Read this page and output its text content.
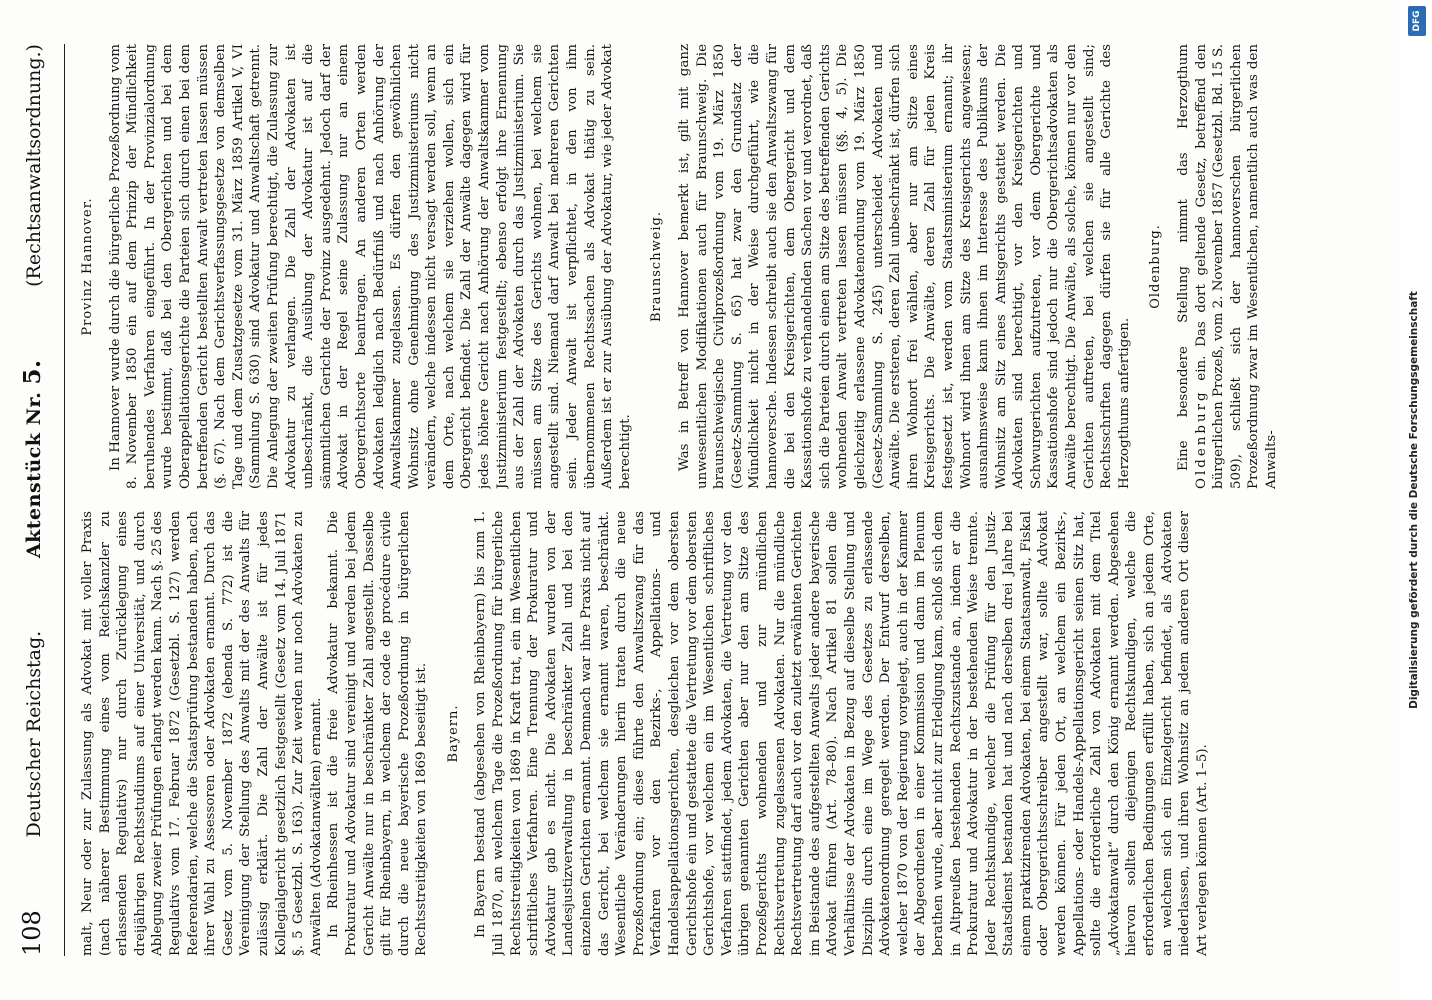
108
Deutscher Reichstag.
Aktenstück Nr. 5.
(Rechtsanwaltsordnung.)

malt, Neur oder zur Zulassung als Advokat mit voller Praxis (nach näherer Bestimmung eines vom Reichskanzler zu erlassenden Regulativs) nur durch Zurücklegung eines dreijährigen Rechtsstudiums auf einer Universität, und durch Ablegung zweier Prüfungen erlangt werden kann. Nach §. 25 des Regulativs vom 17. Februar 1872 (Gesetzbl. S. 127) werden Referendarien, welche die Staatsprüfung bestanden haben, nach ihrer Wahl zu Assessoren oder Advokaten ernannt. Durch das Gesetz vom 5. November 1872 (ebenda S. 772) ist die Vereinigung der Stellung des Anwalts mit der des Anwalts für zulässig erklärt. Die Zahl der Anwälte ist für jedes Kollegialgericht gesetzlich festgestellt (Gesetz vom 14. Juli 1871 §. 5 Gesetzbl. S. 163). Zur Zeit werden nur noch Advokaten zu Anwälten (Advokatanwälten) ernannt. In Rheinhessen ist die freie Advokatur bekannt. Die Prokuratur und Advokatur sind vereinigt und werden bei jedem Gericht Anwälte nur in beschränkter Zahl angestellt. Dasselbe gilt für Rheinbayern, in welchem der code de procédure civile durch die neue bayerische Prozeßordnung in bürgerlichen Rechtsstreitigkeiten von 1869 beseitigt ist. Bayern. In Bayern bestand (abgesehen von Rheinbayern) bis zum 1. Juli 1870, an welchem Tage die Prozeßordnung für bürgerliche Rechtsstreitigkeiten von 1869 in Kraft trat, ein im Wesentlichen schriftliches Verfahren. Eine Trennung der Prokuratur und Advokatur gab es nicht. Die Advokaten wurden von der Landesjustizverwaltung in beschränkter Zahl und bei den einzelnen Gerichten ernannt. Demnach war ihre Praxis nicht auf das Gericht, bei welchem sie ernannt waren, beschränkt. Wesentliche Veränderungen hierin traten durch die neue Prozeßordnung ein; diese führte den Anwaltszwang für das Verfahren vor den Bezirks-, Appellations- und Handelsappellationsgerichten, desgleichen vor dem obersten Gerichtshofe ein und gestattete die Vertretung vor dem obersten Gerichtshofe, vor welchem ein im Wesentlichen schriftliches Verfahren stattfindet, jedem Advokaten, die Vertretung vor den übrigen genannten Gerichten aber nur den am Sitze des Prozeßgerichts wohnenden und zur mündlichen Rechtsvertretung zugelassenen Advokaten. Nur die mündliche Rechtsvertretung darf auch vor den zuletzt erwähnten Gerichten im Beistande des aufgestellten Anwalts jeder andere bayerische Advokat führen (Art. 78–80). Nach Artikel 81 sollen die Verhältnisse der Advokaten in Bezug auf dieselbe Stellung und Disziplin durch eine im Wege des Gesetzes zu erlassende Advokatenordnung geregelt werden. Der Entwurf derselben, welcher 1870 von der Regierung vorgelegt, auch in der Kammer der Abgeordneten in einer Kommission und dann im Plenum berathen wurde, aber nicht zur Erledigung kam, schloß sich dem in Altpreußen bestehenden Rechtszustande an, indem er die Prokuratur und Advokatur in der bestehenden Weise trennte. Jeder Rechtskundige, welcher die Prüfung für den Justiz-Staatsdienst bestanden hat und nach derselben drei Jahre bei einem praktizirenden Advokaten, bei einem Staatsanwalt, Fiskal oder Obergerichtsschreiber angestellt war, sollte Advokat werden können. Für jeden Ort, an welchem ein Bezirks-, Appellations- oder Handels-Appellationsgericht seinen Sitz hat, sollte die erforderliche Zahl von Advokaten mit dem Titel „Advokatanwalt“ durch den König ernannt werden. Abgesehen hiervon sollten diejenigen Rechtskundigen, welche die erforderlichen Bedingungen erfüllt haben, sich an jedem Orte, an welchem sich ein Einzelgericht befindet, als Advokaten niederlassen, und ihren Wohnsitz an jedem anderen Ort dieser Art verlegen können (Art. 1–5).

Provinz Hannover. In Hannover wurde durch die bürgerliche Prozeßordnung vom 8. November 1850 ein auf dem Prinzip der Mündlichkeit beruhendes Verfahren eingeführt. In der Provinzialordnung wurde bestimmt, daß bei den Obergerichten und bei dem Oberappellationsgerichte die Parteien sich durch einen bei dem betreffenden Gericht bestellten Anwalt vertreten lassen müssen (§. 67). Nach dem Gerichtsverfassungsgesetze von demselben Tage und dem Zusatzgesetze vom 31. März 1859 Artikel V, VI (Sammlung S. 630) sind Advokatur und Anwaltschaft getrennt. Die Anlegung der zweiten Prüfung berechtigt, die Zulassung zur Advokatur zu verlangen. Die Zahl der Advokaten ist unbeschränkt, die Ausübung der Advokatur ist auf die sämmtlichen Gerichte der Provinz ausgedehnt. Jedoch darf der Advokat in der Regel seine Zulassung nur an einem Obergerichtsorte beantragen. An anderen Orten werden Advokaten lediglich nach Bedürfniß und nach Anhörung der Anwaltskammer zugelassen. Es dürfen den gewöhnlichen Wohnsitz ohne Genehmigung des Justizministeriums nicht verändern, welche indessen nicht versagt werden soll, wenn an dem Orte, nach welchem sie verziehen wollen, sich ein Obergericht befindet. Die Zahl der Anwälte dagegen wird für jedes höhere Gericht nach Anhörung der Anwaltskammer vom Justizministerium festgestellt; ebenso erfolgt ihre Ernennung aus der Zahl der Advokaten durch das Justizministerium. Sie müssen am Sitze des Gerichts wohnen, bei welchem sie angestellt sind. Niemand darf Anwalt bei mehreren Gerichten sein. Jeder Anwalt ist verpflichtet, in den von ihm übernommenen Rechtssachen als Advokat thätig zu sein. Außerdem ist er zur Ausübung der Advokatur, wie jeder Advokat berechtigt.

Braunschweig. Was in Betreff von Hannover bemerkt ist, gilt mit ganz unwesentlichen Modifikationen auch für Braunschweig. Die braunschweigische Civilprozeßordnung vom 19. März 1850 (Gesetz-Sammlung S. 65) hat zwar den Grundsatz der Mündlichkeit nicht in der Weise durchgeführt, wie die hannoversche. Indessen schreibt auch sie den Anwaltszwang für die bei den Kreisgerichten, dem Obergericht und dem Kassationshofe zu verhandelnden Sachen vor und verordnet, daß sich die Parteien durch einen am Sitze des betreffenden Gerichts wohnenden Anwalt vertreten lassen müssen (§§. 4, 5). Die gleichzeitig erlassene Advokatenordnung vom 19. März 1850 (Gesetz-Sammlung S. 245) unterscheidet Advokaten und Anwälte. Die ersteren, deren Zahl unbeschränkt ist, dürfen sich ihren Wohnort frei wählen, aber nur am Sitze eines Kreisgerichts. Die Anwälte, deren Zahl für jeden Kreis festgesetzt ist, werden vom Staatsministerium ernannt; ihr Wohnort wird ihnen am Sitze des Kreisgerichts angewiesen; ausnahmsweise kann ihnen im Interesse des Publikums der Wohnsitz am Sitz eines Amtsgerichts gestattet werden. Die Advokaten sind berechtigt, vor den Kreisgerichten und Schwurgerichten aufzutreten, vor dem Obergerichte und Kassationshofe sind jedoch nur die Obergerichtsadvokaten als Anwälte berechtigt. Die Anwälte, als solche, können nur vor den Gerichten auftreten, bei welchen sie angestellt sind; Rechtsschriften dagegen dürfen sie für alle Gerichte des Herzogthums anfertigen.

Oldenburg. Eine besondere Stellung nimmt das Herzogthum Oldenburg ein. Das dort geltende Gesetz, betreffend den bürgerlichen Prozeß, vom 2. November 1857 (Gesetzbl. Bd. 15 S. 509), schließt sich der hannoverschen bürgerlichen Prozeßordnung zwar im Wesentlichen, namentlich auch was den Anwalts-

DFG
Digitalisierung gefördert durch die Deutsche Forschungsgemeinschaft
